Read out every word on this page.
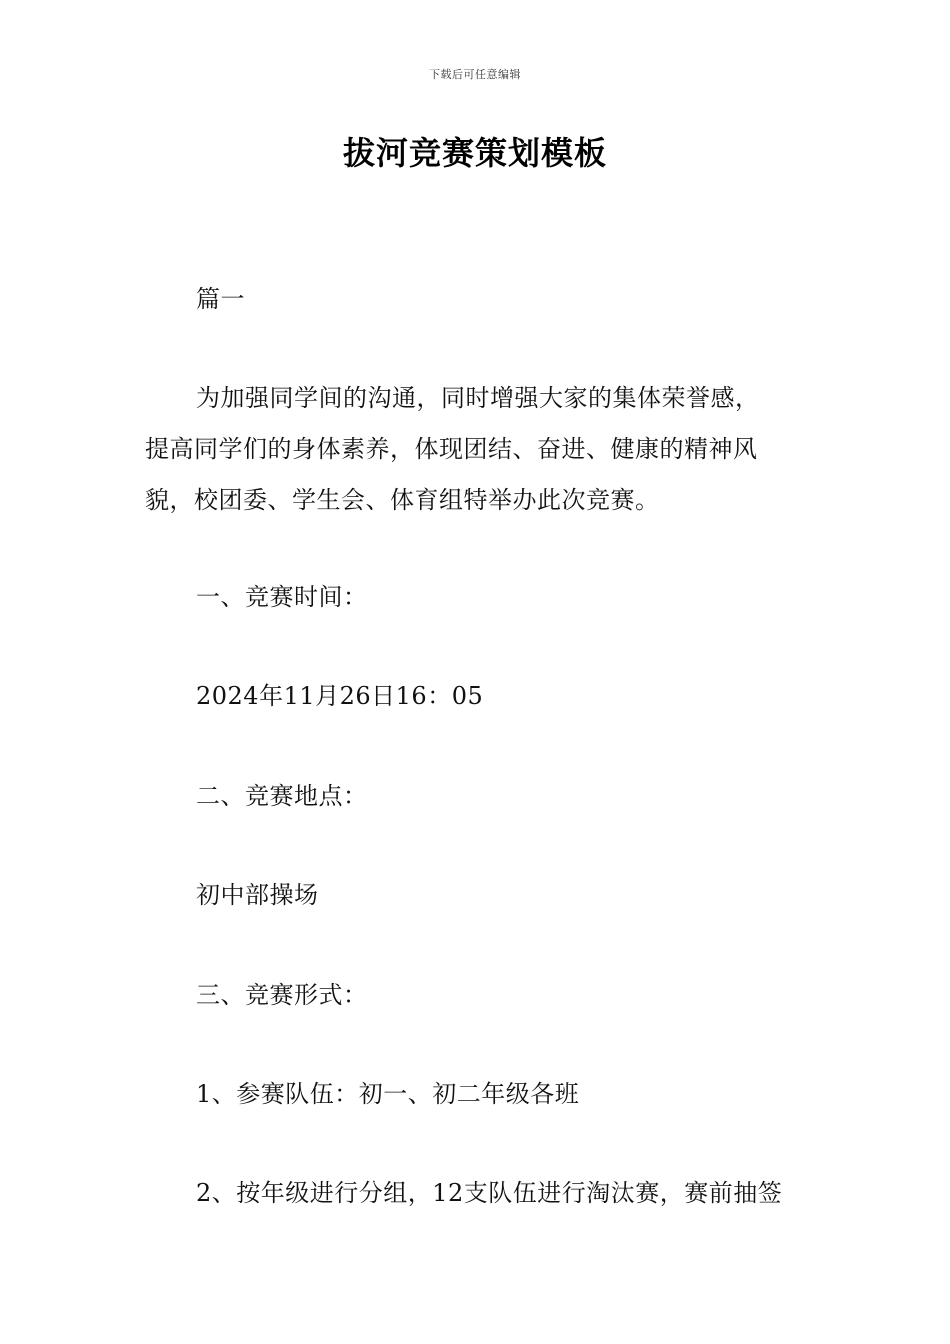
下载后可任意编辑
拔河竞赛策划模板
篇一
为加强同学间的沟通，同时增强大家的集体荣誉感，
提高同学们的身体素养，体现团结、奋进、健康的精神风
貌，校团委、学生会、体育组特举办此次竞赛。
一、竞赛时间：
2024年11月26日16：05
二、竞赛地点：
初中部操场
三、竞赛形式：
1、参赛队伍：初一、初二年级各班
2、按年级进行分组，12支队伍进行淘汰赛，赛前抽签
